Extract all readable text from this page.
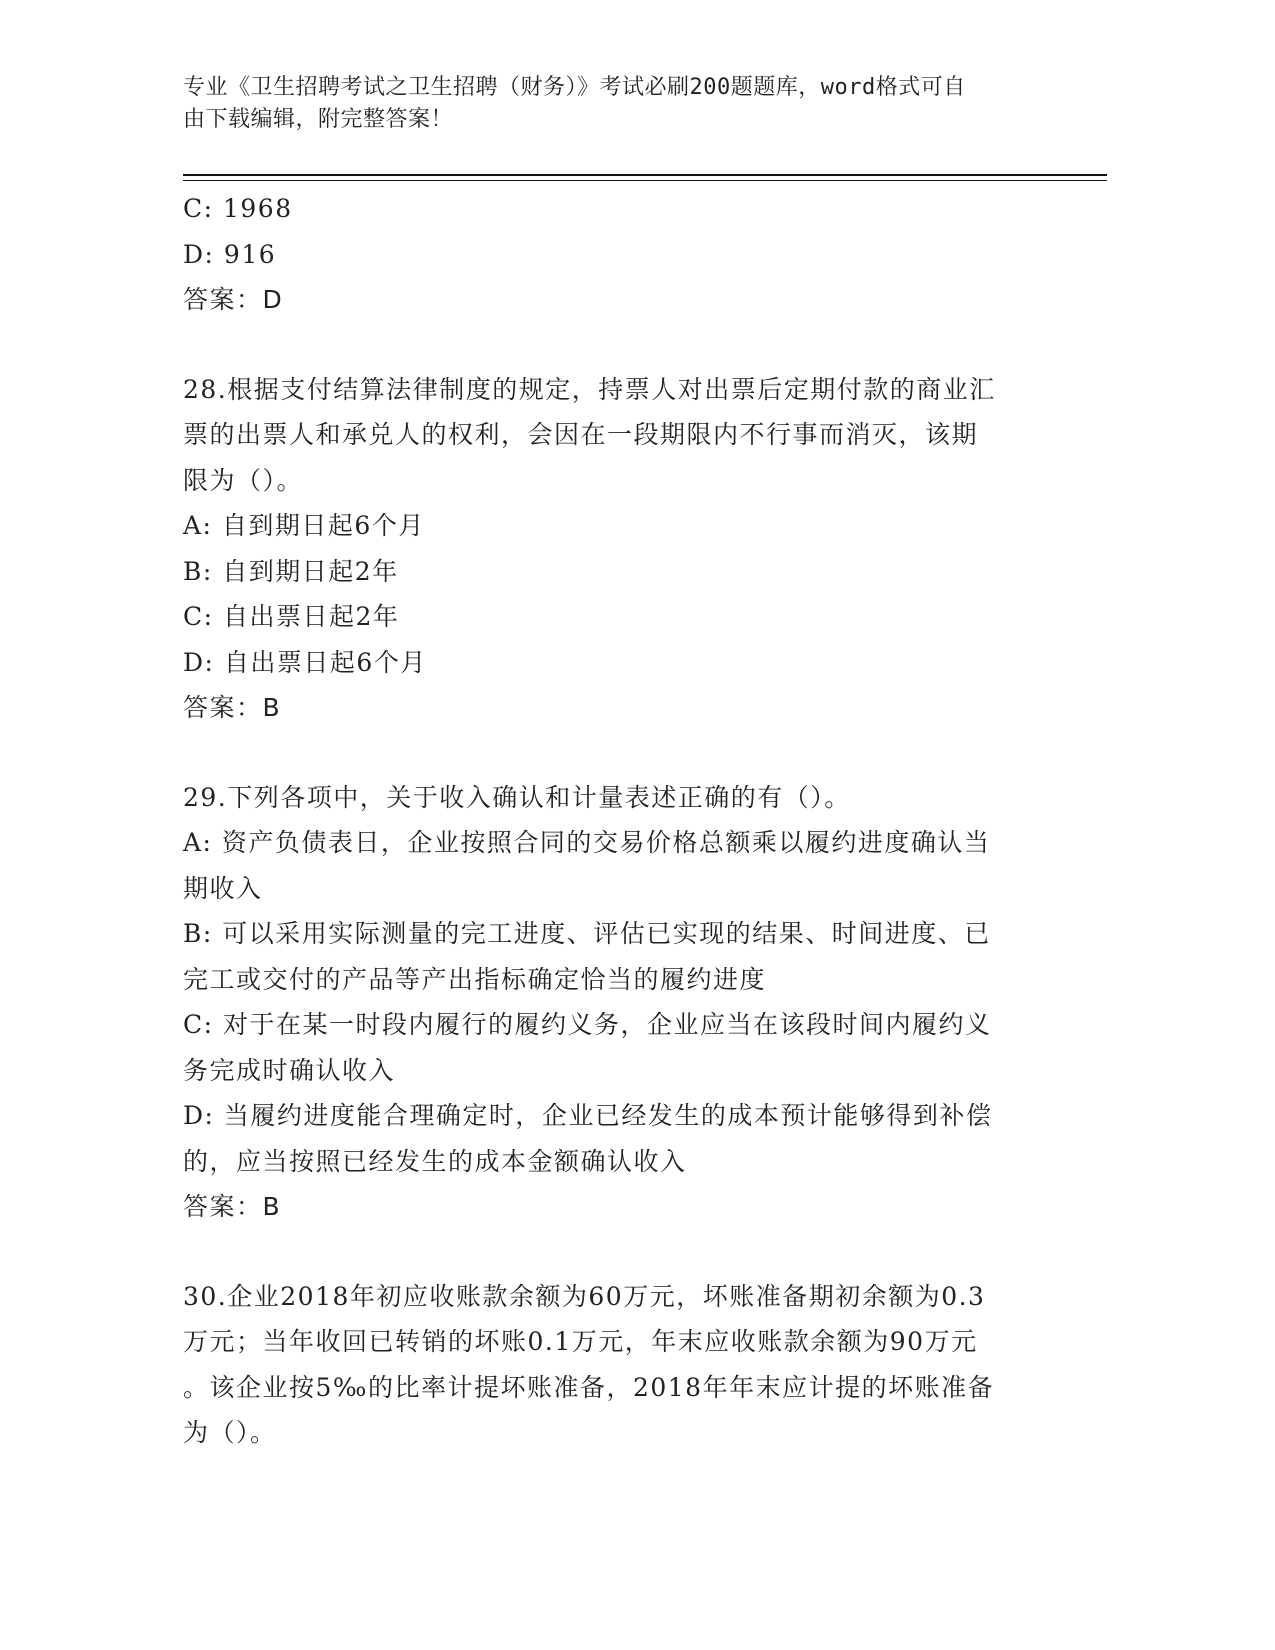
专业《卫生招聘考试之卫生招聘（财务）》考试必刷200题题库，word格式可自
由下载编辑，附完整答案！

C: 1968

D: 916

答案：D

28.根据支付结算法律制度的规定，持票人对出票后定期付款的商业汇

票的出票人和承兑人的权利，会因在一段期限内不行事而消灭，该期

限为（）。

A: 自到期日起6个月

B: 自到期日起2年

C: 自出票日起2年

D: 自出票日起6个月

答案：B

29.下列各项中，关于收入确认和计量表述正确的有（）。

A: 资产负债表日，企业按照合同的交易价格总额乘以履约进度确认当

期收入

B: 可以采用实际测量的完工进度、评估已实现的结果、时间进度、已

完工或交付的产品等产出指标确定恰当的履约进度

C: 对于在某一时段内履行的履约义务，企业应当在该段时间内履约义

务完成时确认收入

D: 当履约进度能合理确定时，企业已经发生的成本预计能够得到补偿

的，应当按照已经发生的成本金额确认收入

答案：B

30.企业2018年初应收账款余额为60万元，坏账准备期初余额为0.3

万元；当年收回已转销的坏账0.1万元，年末应收账款余额为90万元

。该企业按5‰的比率计提坏账准备，2018年年末应计提的坏账准备

为（）。
